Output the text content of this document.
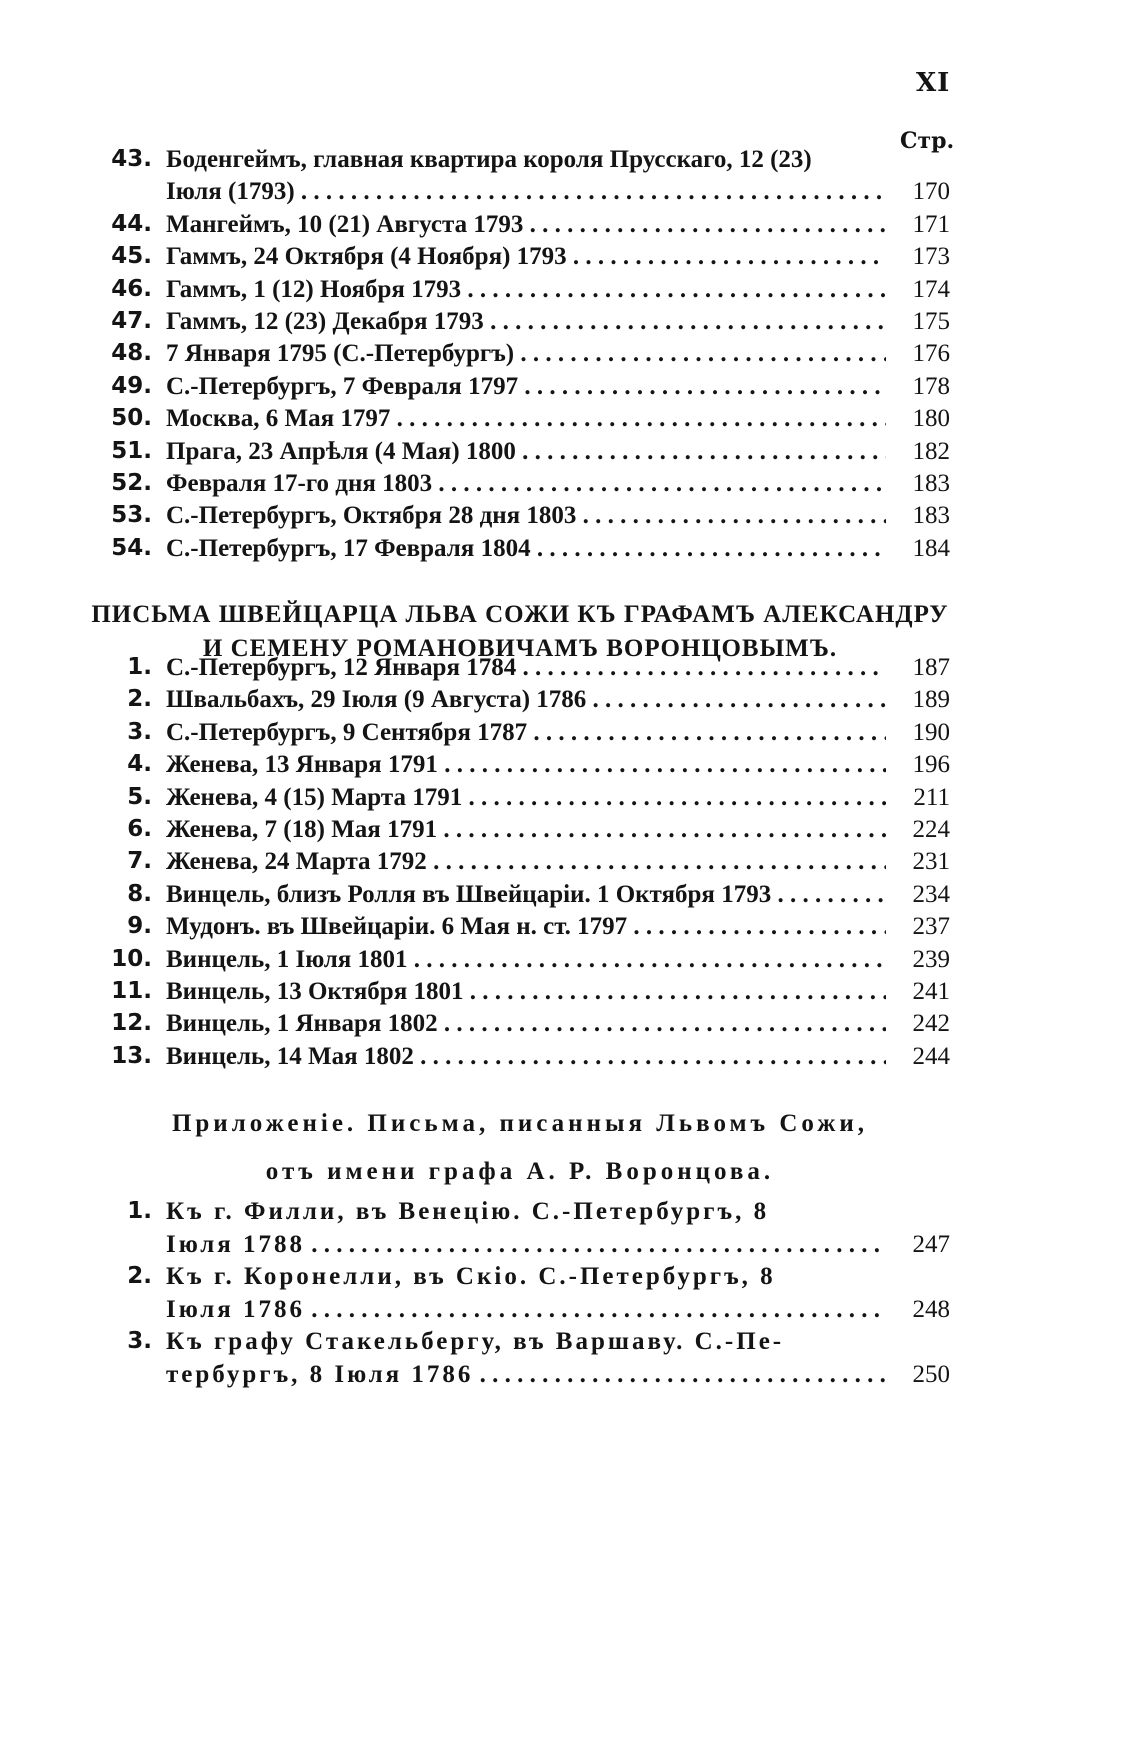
XI
Стр.
43. Боденгеймъ, главная квартира короля Прусскаго, 12 (23)
Іюля (1793) . . .	170
44. Мангеймъ, 10 (21) Августа 1793 . . .	171
45. Гаммъ, 24 Октября (4 Ноября) 1793 . . .	173
46. Гаммъ, 1 (12) Ноября 1793 . . .	174
47. Гаммъ, 12 (23) Декабря 1793 . . .	175
48. 7 Января 1795 (С.-Петербургъ) . . .	176
49. С.-Петербургъ, 7 Февраля 1797 . . .	178
50. Москва, 6 Мая 1797 . . .	180
51. Прага, 23 Апрѣля (4 Мая) 1800 . . .	182
52. Февраля 17-го дня 1803 . . .	183
53. С.-Петербургъ, Октября 28 дня 1803 . . .	183
54. С.-Петербургъ, 17 Февраля 1804 . . .	184
ПИСЬМА ШВЕЙЦАРЦА ЛЬВА СОЖИ КЪ ГРАФАМЪ АЛЕКСАНДРУ
И СЕМЕНУ РОМАНОВИЧАМЪ ВОРОНЦОВЫМЪ.
1. С.-Петербургъ, 12 Января 1784 . . .	187
2. Швальбахъ, 29 Іюля (9 Августа) 1786 . . .	189
3. С.-Петербургъ, 9 Сентября 1787 . . .	190
4. Женева, 13 Января 1791 . . .	196
5. Женева, 4 (15) Марта 1791 . . .	211
6. Женева, 7 (18) Мая 1791 . . .	224
7. Женева, 24 Марта 1792 . . .	231
8. Винцель, близъ Ролля въ Швейцаріи. 1 Октября 1793 . . .	234
9. Мудонъ. въ Швейцаріи. 6 Мая н. ст. 1797 . . .	237
10. Винцель, 1 Іюля 1801 . . .	239
11. Винцель, 13 Октября 1801 . . .	241
12. Винцель, 1 Января 1802 . . .	242
13. Винцель, 14 Мая 1802 . . .	244
Приложеніе. Письма, писанныя Львомъ Сожи,
отъ имени графа А. Р. Воронцова.
1. Къ г. Филли, въ Венецію. С.-Петербургъ, 8
Іюля 1788 . . .	247
2. Къ г. Коронелли, въ Скіо. С.-Петербургъ, 8
Іюля 1786 . . .	248
3. Къ графу Стакельбергу, въ Варшаву. С.-Пе-
тербургъ, 8 Іюля 1786 . . .	250
